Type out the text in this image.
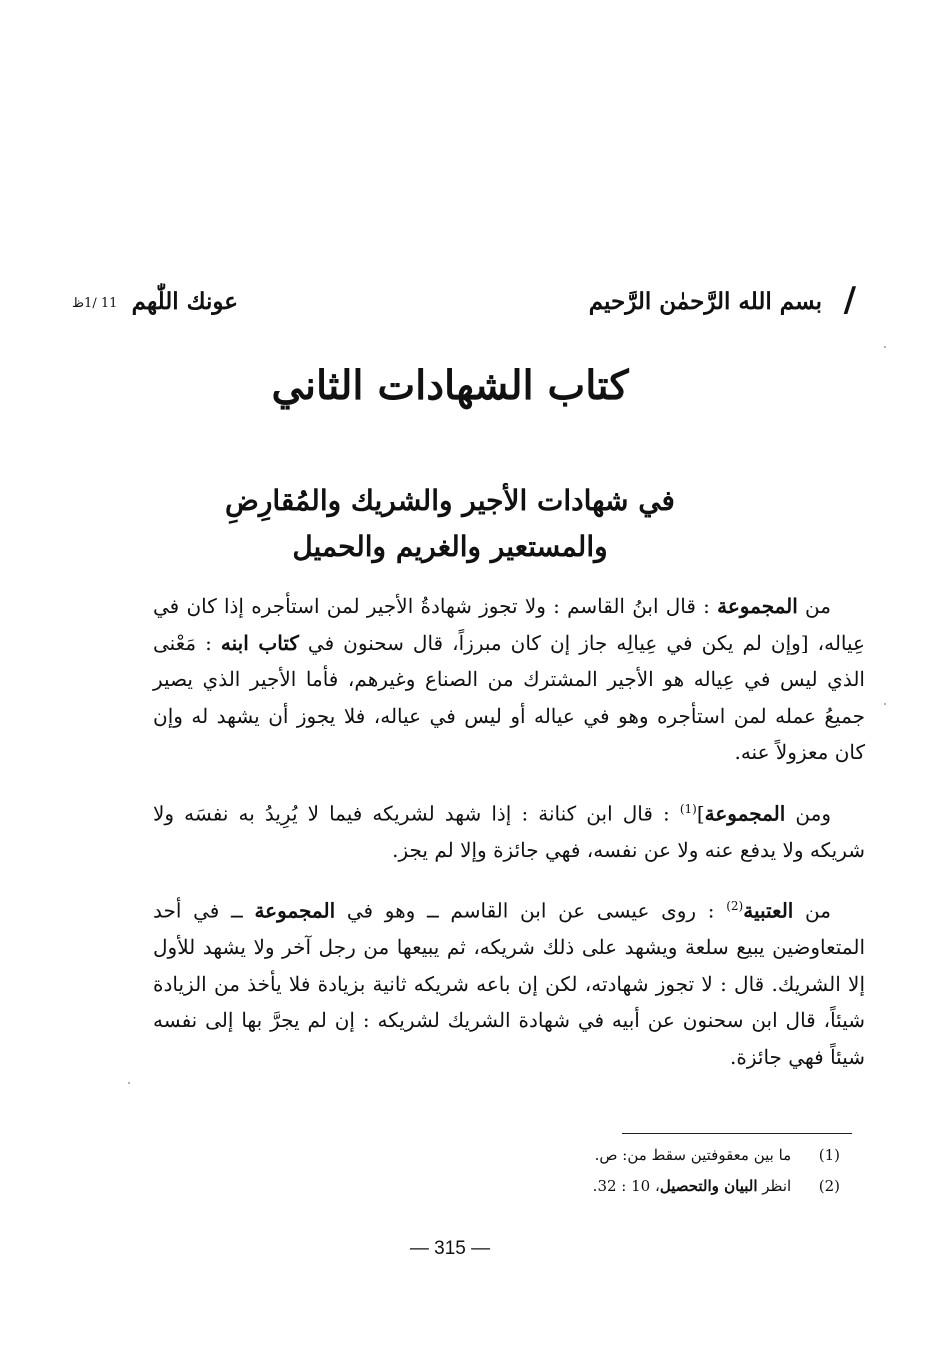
/
بسم الله الرَّحمٰن الرَّحيم
عونك اللّٰهم
11 /1ظ
كتاب الشهادات الثاني
في شهادات الأجير والشريك والمُقارِضِ
والمستعير والغريم والحميل

من المجموعة : قال ابنُ القاسم : ولا تجوز شهادةُ الأجير لمن استأجره إذا كان في عِياله، [وإن لم يكن في عِيالِه جاز إن كان مبرزاً، قال سحنون في كتاب ابنه : مَعْنى الذي ليس في عِياله هو الأجير المشترك من الصناع وغيرهم، فأما الأجير الذي يصير جميعُ عمله لمن استأجره وهو في عياله أو ليس في عياله، فلا يجوز أن يشهد له وإن كان معزولاً عنه.

ومن المجموعة]$^{(1)}$ : قال ابن كنانة : إذا شهد لشريكه فيما لا يُرِيدُ به نفسَه ولا شريكه ولا يدفع عنه ولا عن نفسه، فهي جائزة وإلا لم يجز.

من العتبية$^{(2)}$ : روى عيسى عن ابن القاسم ــ وهو في المجموعة ــ في أحد المتعاوضين يبيع سلعة ويشهد على ذلك شريكه، ثم يبيعها من رجل آخر ولا يشهد للأول إلا الشريك. قال : لا تجوز شهادته، لكن إن باعه شريكه ثانية بزيادة فلا يأخذ من الزيادة شيئاً، قال ابن سحنون عن أبيه في شهادة الشريك لشريكه : إن لم يجرَّ بها إلى نفسه شيئاً فهي جائزة.

(1) ما بين معقوفتين سقط من: ص.
(2) انظر البيان والتحصيل، 10 : 32.
— 315 —
